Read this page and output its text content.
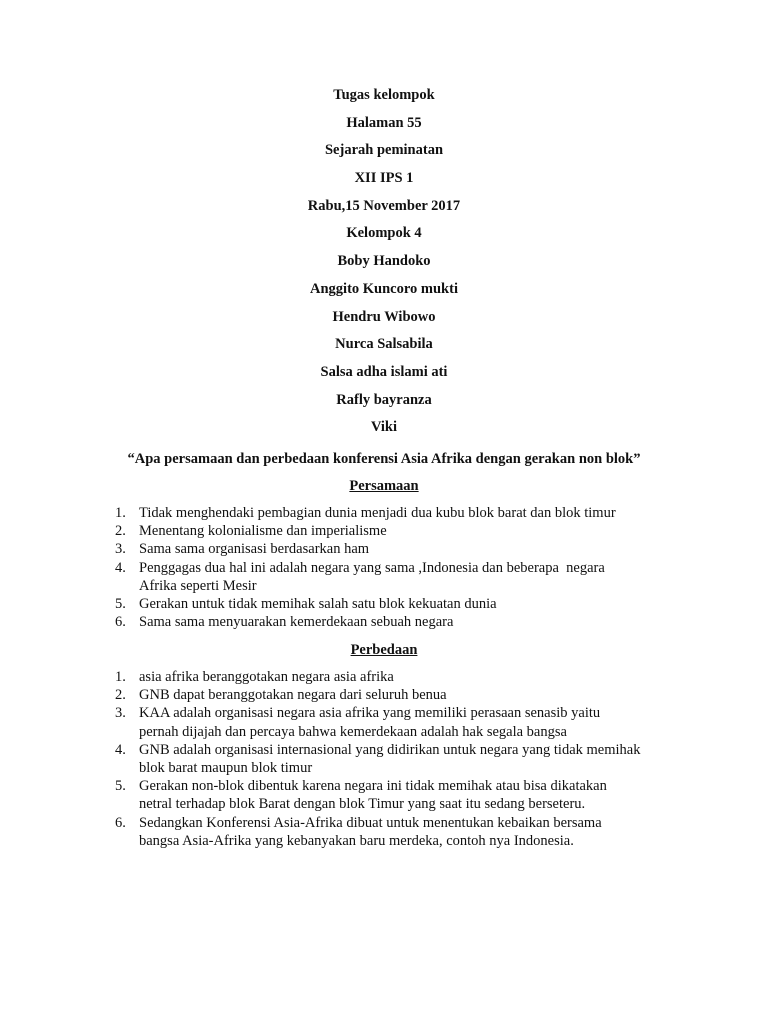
Tugas kelompok

Halaman 55

Sejarah peminatan

XII IPS 1

Rabu,15 November 2017

Kelompok 4

Boby Handoko

Anggito Kuncoro mukti

Hendru Wibowo

Nurca Salsabila

Salsa adha islami ati

Rafly bayranza

Viki

“Apa persamaan dan perbedaan konferensi Asia Afrika dengan gerakan non blok”
Persamaan
1. Tidak menghendaki pembagian dunia menjadi dua kubu blok barat dan blok timur
2. Menentang kolonialisme dan imperialisme
3. Sama sama organisasi berdasarkan ham
4. Penggagas dua hal ini adalah negara yang sama ,Indonesia dan beberapa  negara
Afrika seperti Mesir
5. Gerakan untuk tidak memihak salah satu blok kekuatan dunia
6. Sama sama menyuarakan kemerdekaan sebuah negara
Perbedaan
1. asia afrika beranggotakan negara asia afrika
2. GNB dapat beranggotakan negara dari seluruh benua
3. KAA adalah organisasi negara asia afrika yang memiliki perasaan senasib yaitu
pernah dijajah dan percaya bahwa kemerdekaan adalah hak segala bangsa
4. GNB adalah organisasi internasional yang didirikan untuk negara yang tidak memihak
blok barat maupun blok timur
5. Gerakan non-blok dibentuk karena negara ini tidak memihak atau bisa dikatakan
netral terhadap blok Barat dengan blok Timur yang saat itu sedang berseteru.
6. Sedangkan Konferensi Asia-Afrika dibuat untuk menentukan kebaikan bersama
bangsa Asia-Afrika yang kebanyakan baru merdeka, contoh nya Indonesia.
